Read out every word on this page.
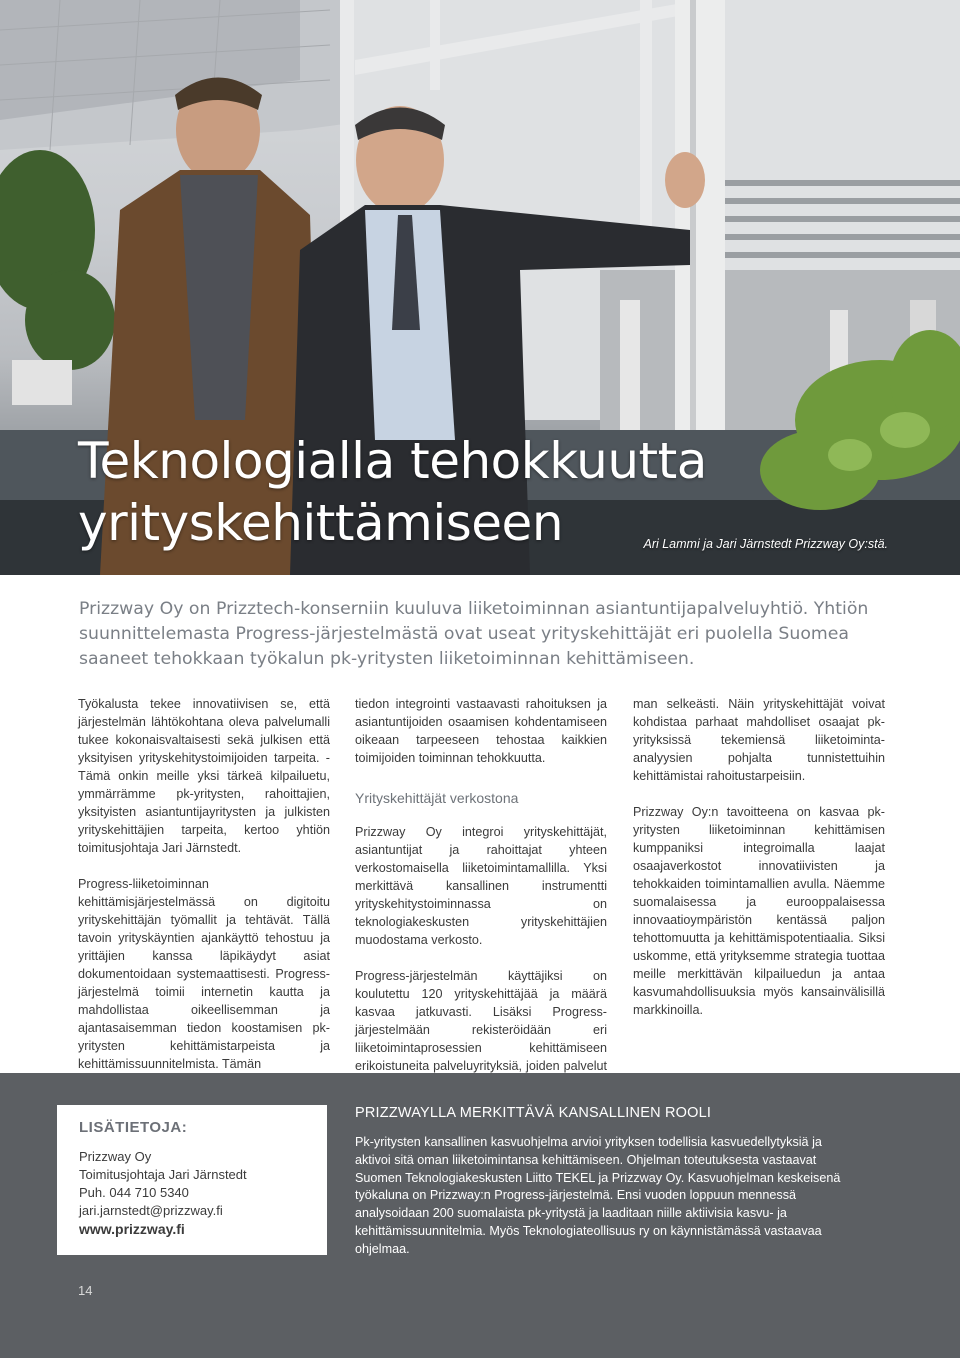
Teknologialla tehokkuutta
yrityskehittämiseen	Ari Lammi ja Jari Järnstedt Prizzway Oy:stä.

Prizzway Oy on Prizztech-konserniin kuuluva liiketoiminnan asiantuntijapalveluyhtiö. Yhtiön suunnittelemasta Progress-järjestelmästä ovat useat yrityskehittäjät eri puolella Suomea saaneet tehokkaan työkalun pk-yritysten liiketoiminnan kehittämiseen.

Työkalusta tekee innovatiivisen se, että järjestelmän lähtökohtana oleva palvelumalli tukee kokonaisvaltaisesti sekä julkisen että yksityisen yrityskehitystoimijoiden tarpeita. - Tämä onkin meille yksi tärkeä kilpailuetu, ymmärrämme pk-yritysten, rahoittajien, yksityisten asiantuntijayritysten ja julkisten yrityskehittäjien tarpeita, kertoo yhtiön toimitusjohtaja Jari Järnstedt.

Progress-liiketoiminnan kehittämisjärjestelmässä on digitoitu yrityskehittäjän työmallit ja tehtävät. Tällä tavoin yrityskäyntien ajankäyttö tehostuu ja yrittäjien kanssa läpikäydyt asiat dokumentoidaan systemaattisesti. Progress-järjestelmä toimii internetin kautta ja mahdollistaa oikeellisemman ja ajantasaisemman tiedon koostamisen pk-yritysten kehittämistarpeista ja kehittämissuunnitelmista. Tämän

tiedon integrointi vastaavasti rahoituksen ja asiantuntijoiden osaamisen kohdentamiseen oikeaan tarpeeseen tehostaa kaikkien toimijoiden toiminnan tehokkuutta.

Yrityskehittäjät verkostona

Prizzway Oy integroi yrityskehittäjät, asiantuntijat ja rahoittajat yhteen verkostomaisella liiketoimintamallilla. Yksi merkittävä kansallinen instrumentti yrityskehitystoiminnassa on teknologiakeskusten yrityskehittäjien muodostama verkosto.

Progress-järjestelmän käyttäjiksi on koulutettu 120 yrityskehittäjää ja määrä kasvaa jatkuvasti. Lisäksi Progress- järjestelmään rekisteröidään eri liiketoimintaprosessien kehittämiseen erikoistuneita palveluyrityksiä, joiden palvelut

man selkeästi. Näin yrityskehittäjät voivat kohdistaa parhaat mahdolliset osaajat pk-yrityksissä tekemiensä liiketoiminta-analyysien pohjalta tunnistettuihin kehittämistai rahoitustarpeisiin.

Prizzway Oy:n tavoitteena on kasvaa pk-yritysten liiketoiminnan kehittämisen kumppaniksi integroimalla laajat osaajaverkostot innovatiivisten ja tehokkaiden toimintamallien avulla. Näemme suomalaisessa ja eurooppalaisessa innovaatioympäristön kentässä paljon tehottomuutta ja kehittämispotentiaalia. Siksi uskomme, että yrityksemme strategia tuottaa meille merkittävän kilpailuedun ja antaa kasvumahdollisuuksia myös kansainvälisillä markkinoilla.

LISÄTIETOJA:
Prizzway Oy
Toimitusjohtaja Jari Järnstedt
Puh. 044 710 5340
jari.jarnstedt@prizzway.fi
www.prizzway.fi
PRIZZWAYLLA MERKITTÄVÄ KANSALLINEN ROOLI

Pk-yritysten kansallinen kasvuohjelma arvioi yrityksen todellisia kasvuedellytyksiä ja aktivoi sitä oman liiketoimintansa kehittämiseen. Ohjelman toteutuksesta vastaavat Suomen Teknologiakeskusten Liitto TEKEL ja Prizzway Oy. Kasvuohjelman keskeisenä työkaluna on Prizzway:n Progress-järjestelmä. Ensi vuoden loppuun mennessä analysoidaan 200 suomalaista pk-yritystä ja laaditaan niille aktiivisia kasvu- ja kehittämissuunnitelmia. Myös Teknologiateollisuus ry on käynnistämässä vastaavaa ohjelmaa.

14
